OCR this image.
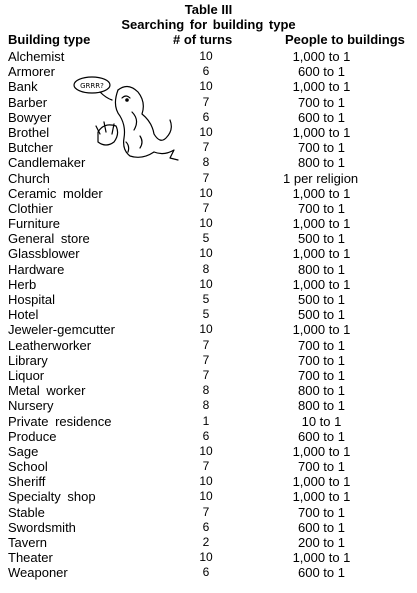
Table III
Searching for building type
Building type	# of turns	People to buildings
Alchemist	10	1,000 to 1
Armorer	6	600 to 1
Bank	10	1,000 to 1
Barber	7	700 to 1
Bowyer	6	600 to 1
Brothel	10	1,000 to 1
Butcher	7	700 to 1
Candlemaker	8	800 to 1
Church	7	1 per religion
Ceramic molder	10	1,000 to 1
Clothier	7	700 to 1
Furniture	10	1,000 to 1
General store	5	500 to 1
Glassblower	10	1,000 to 1
Hardware	8	800 to 1
Herb	10	1,000 to 1
Hospital	5	500 to 1
Hotel	5	500 to 1
Jeweler-gemcutter	10	1,000 to 1
Leatherworker	7	700 to 1
Library	7	700 to 1
Liquor	7	700 to 1
Metal worker	8	800 to 1
Nursery	8	800 to 1
Private residence	1	10 to 1
Produce	6	600 to 1
Sage	10	1,000 to 1
School	7	700 to 1
Sheriff	10	1,000 to 1
Specialty shop	10	1,000 to 1
Stable	7	700 to 1
Swordsmith	6	600 to 1
Tavern	2	200 to 1
Theater	10	1,000 to 1
Weaponer	6	600 to 1
GRRR?
